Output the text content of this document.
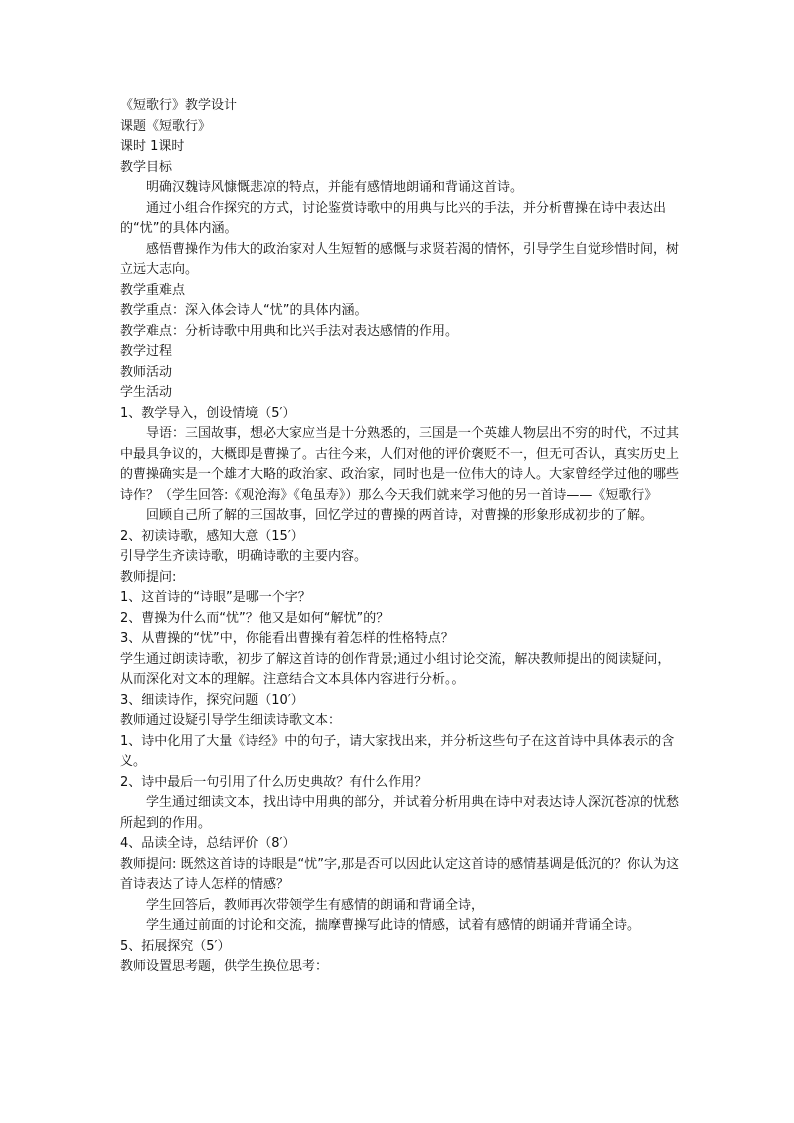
《短歌行》教学设计

课题《短歌行》

课时 1课时

教学目标

明确汉魏诗风慷慨悲凉的特点，并能有感情地朗诵和背诵这首诗。

通过小组合作探究的方式，讨论鉴赏诗歌中的用典与比兴的手法，并分析曹操在诗中表达出的“忧”的具体内涵。

感悟曹操作为伟大的政治家对人生短暂的感慨与求贤若渴的情怀，引导学生自觉珍惜时间，树立远大志向。

教学重难点

教学重点：深入体会诗人“忧”的具体内涵。

教学难点：分析诗歌中用典和比兴手法对表达感情的作用。

教学过程

教师活动

学生活动

1、教学导入，创设情境（5′）

导语：三国故事，想必大家应当是十分熟悉的，三国是一个英雄人物层出不穷的时代，不过其中最具争议的，大概即是曹操了。古往今来，人们对他的评价褒贬不一，但无可否认，真实历史上的曹操确实是一个雄才大略的政治家、政治家，同时也是一位伟大的诗人。大家曾经学过他的哪些诗作？（学生回答:《观沧海》《龟虽寿》）那么今天我们就来学习他的另一首诗——《短歌行》

回顾自己所了解的三国故事，回忆学过的曹操的两首诗，对曹操的形象形成初步的了解。

2、初读诗歌，感知大意（15′）

引导学生齐读诗歌，明确诗歌的主要内容。

教师提问:

1、这首诗的“诗眼”是哪一个字？

2、曹操为什么而“忧”？他又是如何“解忧”的？

3、从曹操的“忧”中，你能看出曹操有着怎样的性格特点？

学生通过朗读诗歌，初步了解这首诗的创作背景;通过小组讨论交流，解决教师提出的阅读疑问，从而深化对文本的理解。注意结合文本具体内容进行分析。。

3、细读诗作，探究问题（10′）

教师通过设疑引导学生细读诗歌文本：

1、诗中化用了大量《诗经》中的句子，请大家找出来，并分析这些句子在这首诗中具体表示的含义。

2、诗中最后一句引用了什么历史典故？有什么作用？

学生通过细读文本，找出诗中用典的部分，并试着分析用典在诗中对表达诗人深沉苍凉的忧愁所起到的作用。

4、品读全诗，总结评价（8′）

教师提问: 既然这首诗的诗眼是“忧”字,那是否可以因此认定这首诗的感情基调是低沉的？你认为这首诗表达了诗人怎样的情感？

学生回答后，教师再次带领学生有感情的朗诵和背诵全诗，

学生通过前面的讨论和交流，揣摩曹操写此诗的情感，试着有感情的朗诵并背诵全诗。

5、拓展探究（5′）

教师设置思考题，供学生换位思考：
